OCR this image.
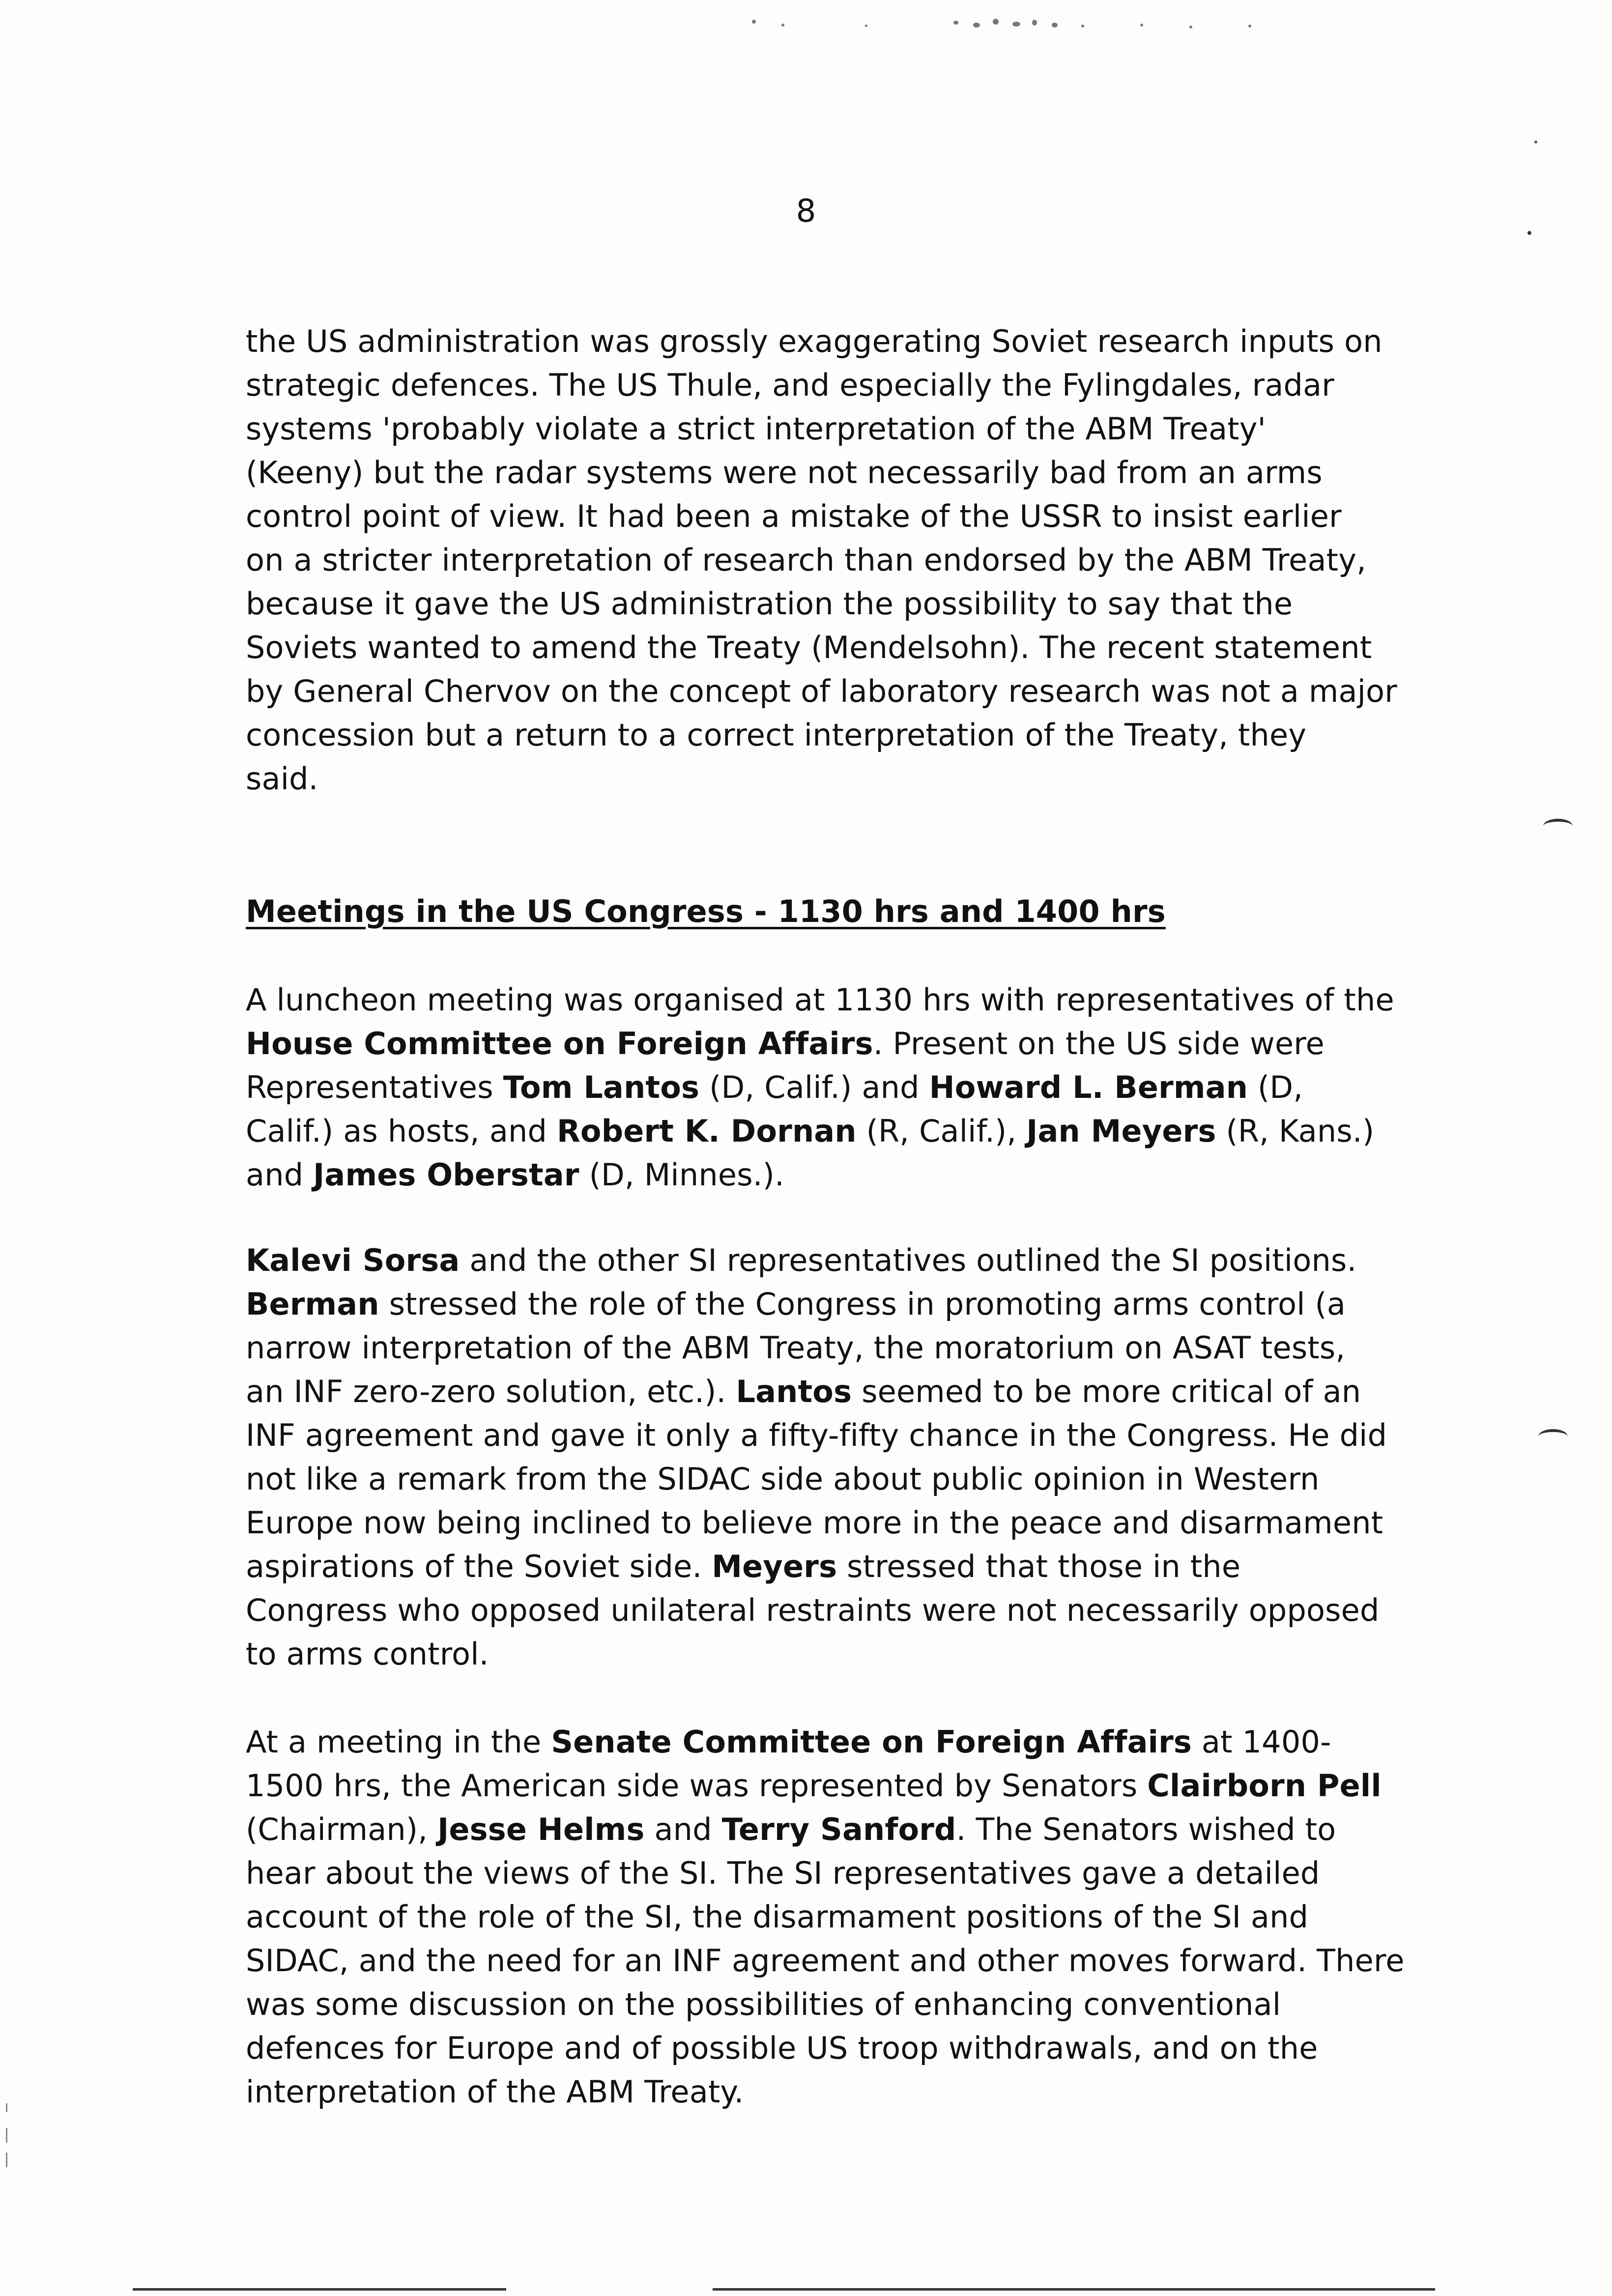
8
the US administration was grossly exaggerating Soviet research inputs on
strategic defences. The US Thule, and especially the Fylingdales, radar
systems 'probably violate a strict interpretation of the ABM Treaty'
(Keeny) but the radar systems were not necessarily bad from an arms
control point of view. It had been a mistake of the USSR to insist earlier
on a stricter interpretation of research than endorsed by the ABM Treaty,
because it gave the US administration the possibility to say that the
Soviets wanted to amend the Treaty (Mendelsohn). The recent statement
by General Chervov on the concept of laboratory research was not a major
concession but a return to a correct interpretation of the Treaty, they
said.
Meetings in the US Congress - 1130 hrs and 1400 hrs
A luncheon meeting was organised at 1130 hrs with representatives of the
House Committee on Foreign Affairs. Present on the US side were
Representatives Tom Lantos (D, Calif.) and Howard L. Berman (D,
Calif.) as hosts, and Robert K. Dornan (R, Calif.), Jan Meyers (R, Kans.)
and James Oberstar (D, Minnes.).
Kalevi Sorsa and the other SI representatives outlined the SI positions.
Berman stressed the role of the Congress in promoting arms control (a
narrow interpretation of the ABM Treaty, the moratorium on ASAT tests,
an INF zero-zero solution, etc.). Lantos seemed to be more critical of an
INF agreement and gave it only a fifty-fifty chance in the Congress. He did
not like a remark from the SIDAC side about public opinion in Western
Europe now being inclined to believe more in the peace and disarmament
aspirations of the Soviet side. Meyers stressed that those in the
Congress who opposed unilateral restraints were not necessarily opposed
to arms control.
At a meeting in the Senate Committee on Foreign Affairs at 1400-
1500 hrs, the American side was represented by Senators Clairborn Pell
(Chairman), Jesse Helms and Terry Sanford. The Senators wished to
hear about the views of the SI. The SI representatives gave a detailed
account of the role of the SI, the disarmament positions of the SI and
SIDAC, and the need for an INF agreement and other moves forward. There
was some discussion on the possibilities of enhancing conventional
defences for Europe and of possible US troop withdrawals, and on the
interpretation of the ABM Treaty.
